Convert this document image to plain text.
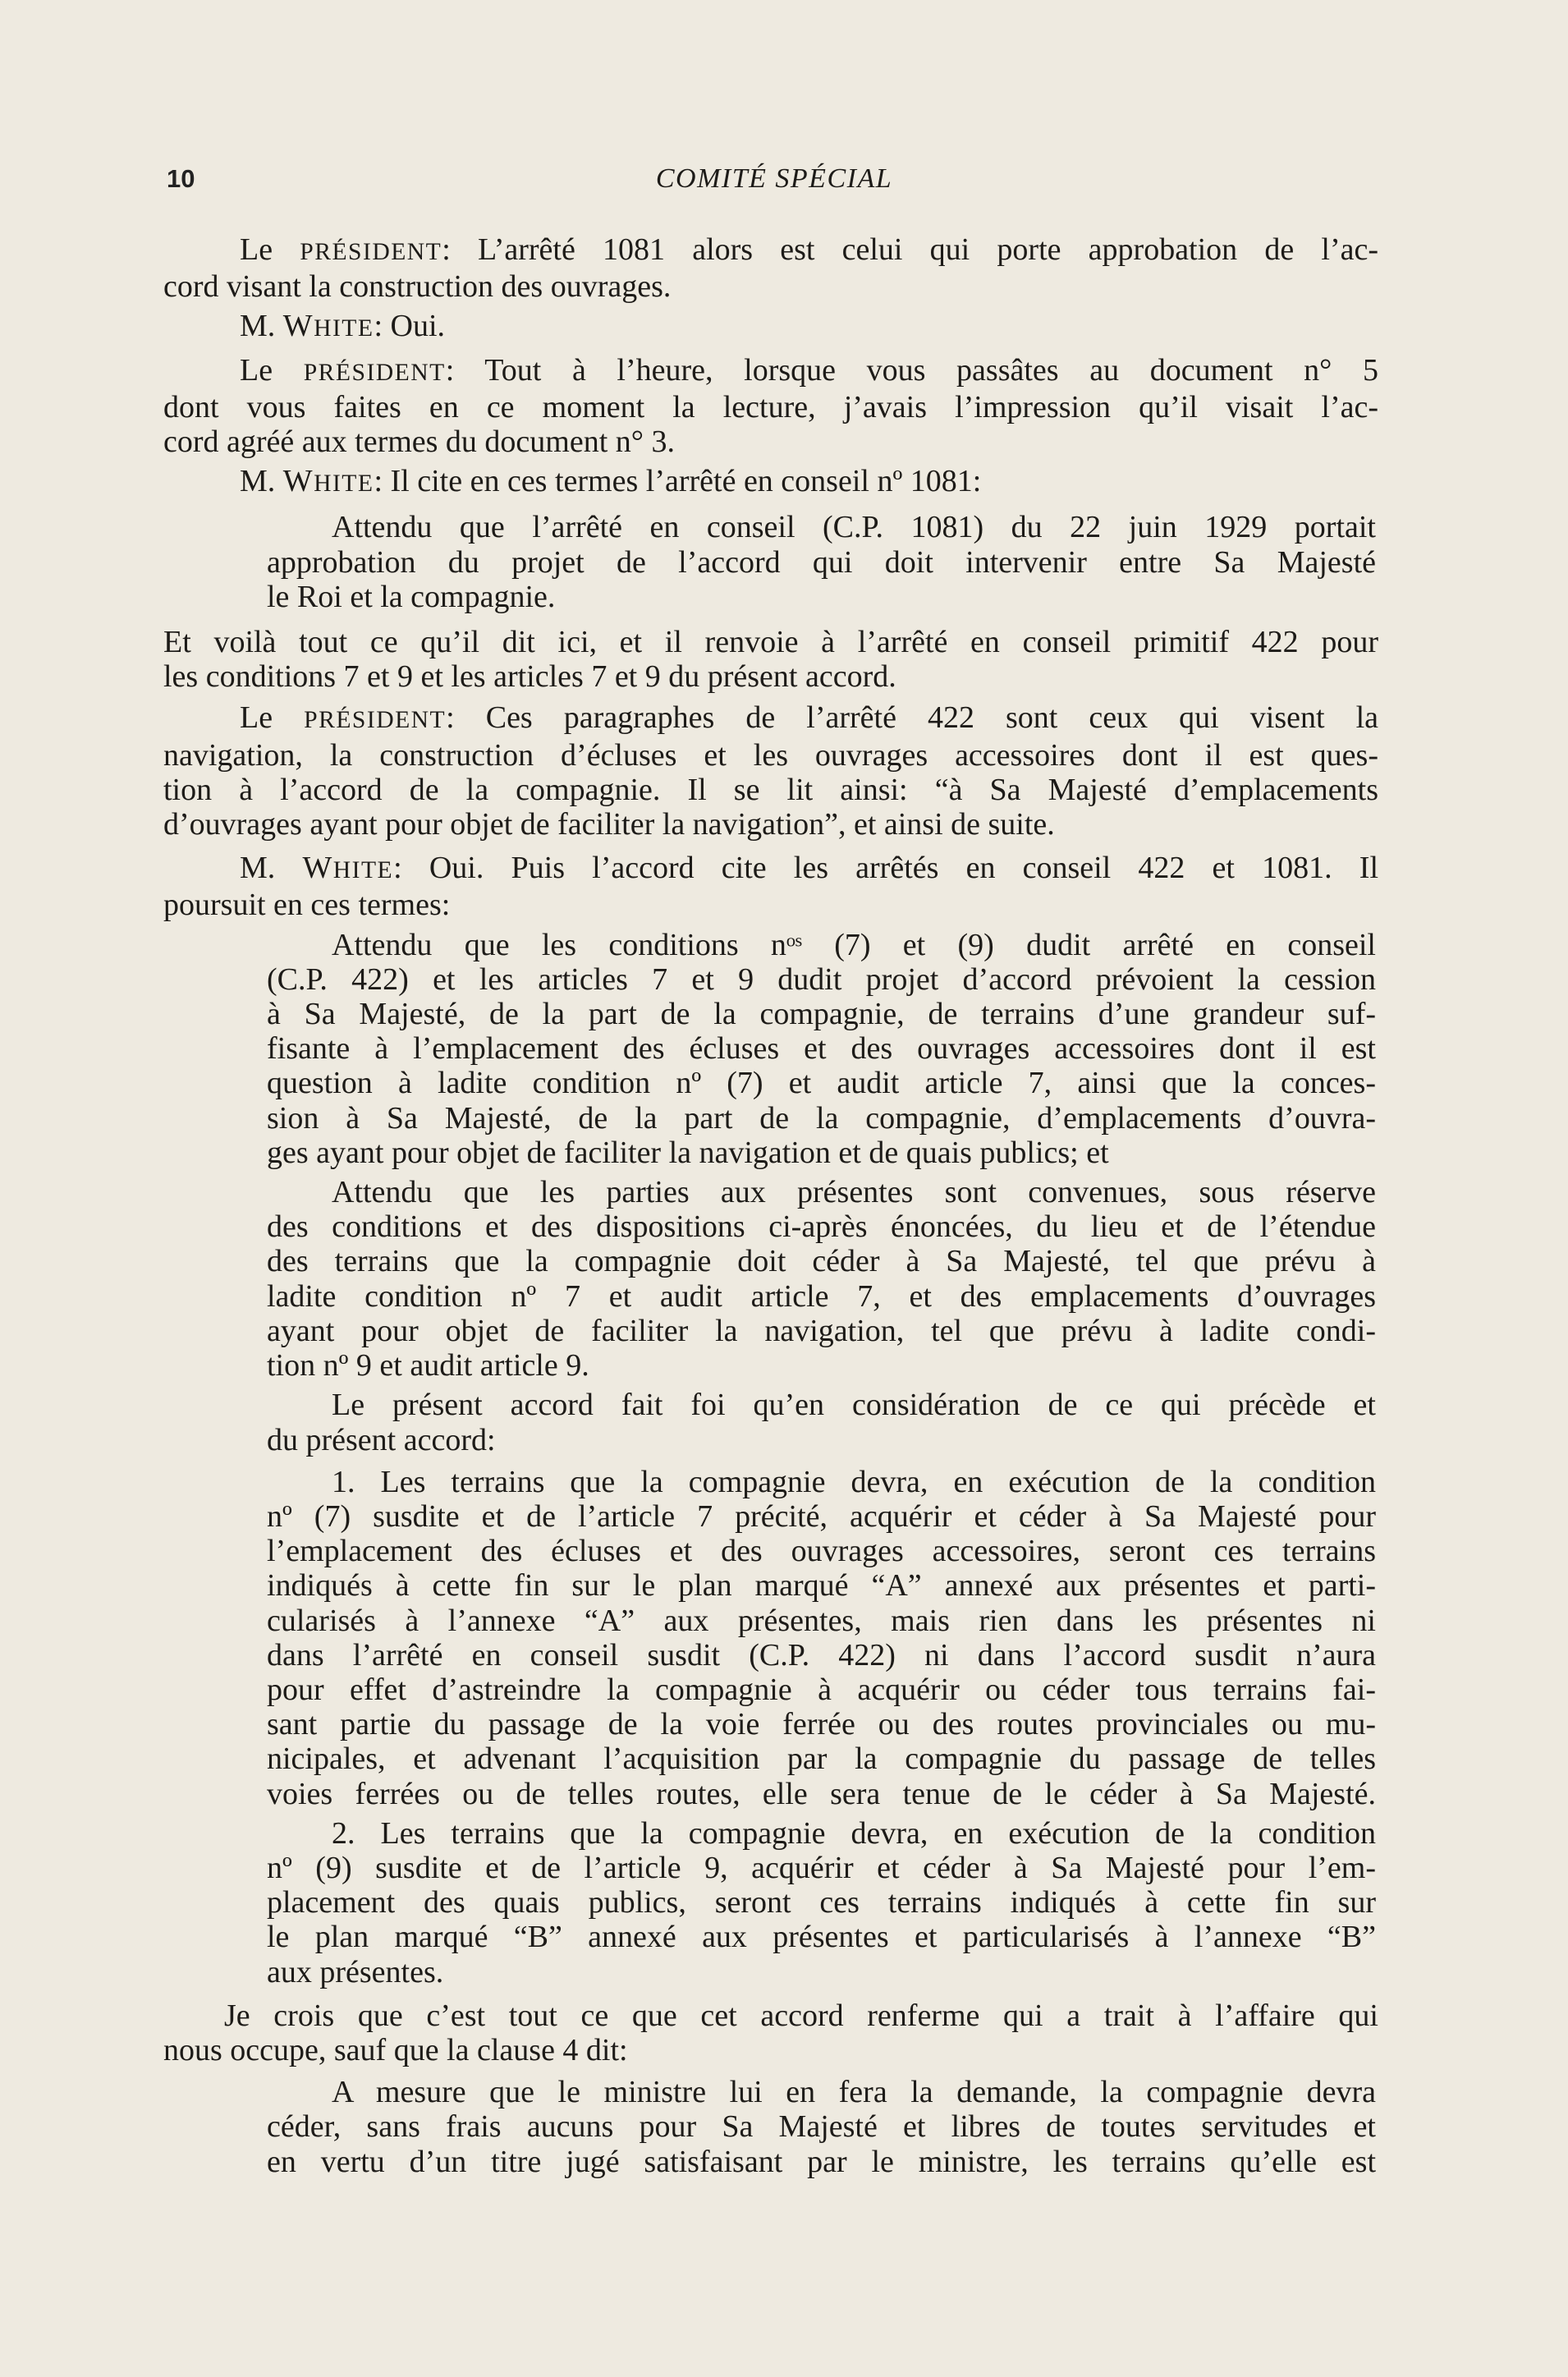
10	COMITÉ SPÉCIAL
Le PRÉSIDENT: L’arrêté 1081 alors est celui qui porte approbation de l’ac-
cord visant la construction des ouvrages.
M. WHITE: Oui.
Le PRÉSIDENT: Tout à l’heure, lorsque vous passâtes au document n° 5
dont vous faites en ce moment la lecture, j’avais l’impression qu’il visait l’ac-
cord agréé aux termes du document n° 3.
M. WHITE: Il cite en ces termes l’arrêté en conseil nº 1081:
Attendu que l’arrêté en conseil (C.P. 1081) du 22 juin 1929 portait
approbation du projet de l’accord qui doit intervenir entre Sa Majesté
le Roi et la compagnie.
Et voilà tout ce qu’il dit ici, et il renvoie à l’arrêté en conseil primitif 422 pour
les conditions 7 et 9 et les articles 7 et 9 du présent accord.
Le PRÉSIDENT: Ces paragraphes de l’arrêté 422 sont ceux qui visent la
navigation, la construction d’écluses et les ouvrages accessoires dont il est ques-
tion à l’accord de la compagnie. Il se lit ainsi: “à Sa Majesté d’emplacements
d’ouvrages ayant pour objet de faciliter la navigation”, et ainsi de suite.
M. WHITE: Oui. Puis l’accord cite les arrêtés en conseil 422 et 1081. Il
poursuit en ces termes:
Attendu que les conditions nᵒˢ (7) et (9) dudit arrêté en conseil
(C.P. 422) et les articles 7 et 9 dudit projet d’accord prévoient la cession
à Sa Majesté, de la part de la compagnie, de terrains d’une grandeur suf-
fisante à l’emplacement des écluses et des ouvrages accessoires dont il est
question à ladite condition nº (7) et audit article 7, ainsi que la conces-
sion à Sa Majesté, de la part de la compagnie, d’emplacements d’ouvra-
ges ayant pour objet de faciliter la navigation et de quais publics; et
Attendu que les parties aux présentes sont convenues, sous réserve
des conditions et des dispositions ci-après énoncées, du lieu et de l’étendue
des terrains que la compagnie doit céder à Sa Majesté, tel que prévu à
ladite condition nº 7 et audit article 7, et des emplacements d’ouvrages
ayant pour objet de faciliter la navigation, tel que prévu à ladite condi-
tion nº 9 et audit article 9.
Le présent accord fait foi qu’en considération de ce qui précède et
du présent accord:
1. Les terrains que la compagnie devra, en exécution de la condition
nº (7) susdite et de l’article 7 précité, acquérir et céder à Sa Majesté pour
l’emplacement des écluses et des ouvrages accessoires, seront ces terrains
indiqués à cette fin sur le plan marqué “A” annexé aux présentes et parti-
cularisés à l’annexe “A” aux présentes, mais rien dans les présentes ni
dans l’arrêté en conseil susdit (C.P. 422) ni dans l’accord susdit n’aura
pour effet d’astreindre la compagnie à acquérir ou céder tous terrains fai-
sant partie du passage de la voie ferrée ou des routes provinciales ou mu-
nicipales, et advenant l’acquisition par la compagnie du passage de telles
voies ferrées ou de telles routes, elle sera tenue de le céder à Sa Majesté.
2. Les terrains que la compagnie devra, en exécution de la condition
nº (9) susdite et de l’article 9, acquérir et céder à Sa Majesté pour l’em-
placement des quais publics, seront ces terrains indiqués à cette fin sur
le plan marqué “B” annexé aux présentes et particularisés à l’annexe “B”
aux présentes.
Je crois que c’est tout ce que cet accord renferme qui a trait à l’affaire qui
nous occupe, sauf que la clause 4 dit:
A mesure que le ministre lui en fera la demande, la compagnie devra
céder, sans frais aucuns pour Sa Majesté et libres de toutes servitudes et
en vertu d’un titre jugé satisfaisant par le ministre, les terrains qu’elle est
